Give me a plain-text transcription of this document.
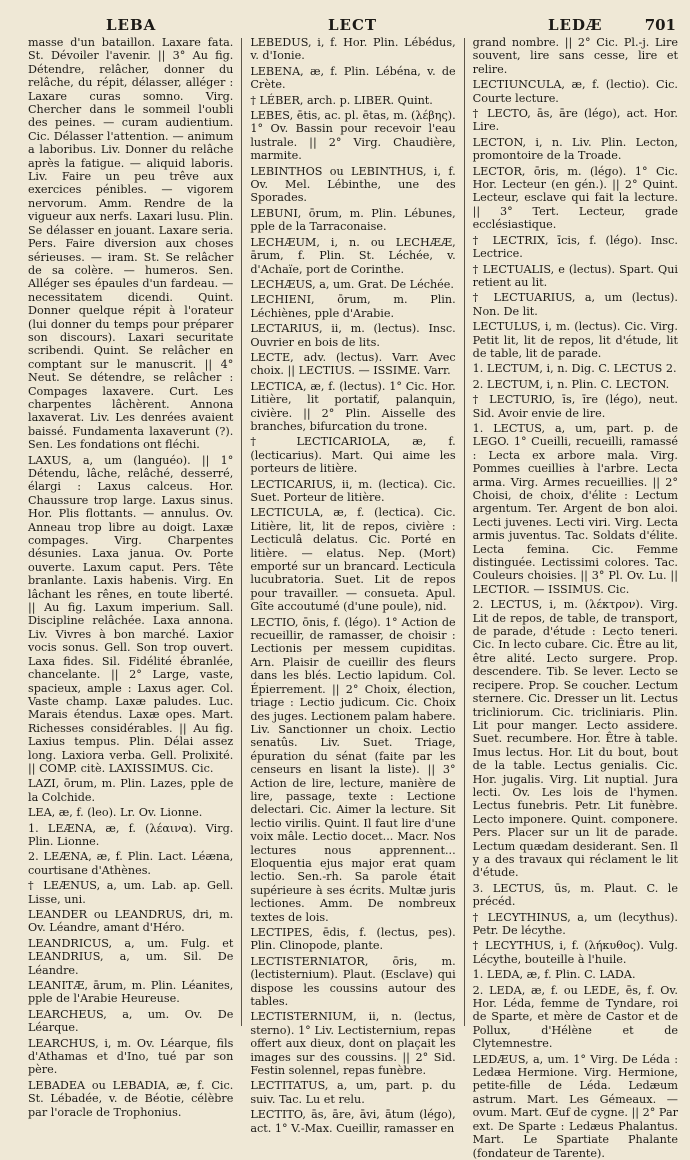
LEBA	LECT	LEDÆ	701

masse d'un bataillon. Laxare fata. St. Dévoiler l'avenir. || 3° Au fig. Détendre, relâcher, donner du relâche, du répit, délasser, alléger : Laxare curas somno. Virg. Chercher dans le sommeil l'oubli des peines. — curam audientium. Cic. Délasser l'attention. — animum a laboribus. Liv. Donner du relâche après la fatigue. — aliquid laboris. Liv. Faire un peu trêve aux exercices pénibles. — vigorem nervorum. Amm. Rendre de la vigueur aux nerfs. Laxari lusu. Plin. Se délasser en jouant. Laxare seria. Pers. Faire diversion aux choses sérieuses. — iram. St. Se relâcher de sa colère. — humeros. Sen. Alléger ses épaules d'un fardeau. — necessitatem dicendi. Quint. Donner quelque répit à l'orateur (lui donner du temps pour préparer son discours). Laxari securitate scribendi. Quint. Se relâcher en comptant sur le manuscrit. || 4° Neut. Se détendre, se relâcher : Compages laxavere. Curt. Les charpentes lâchèrent. Annona laxaverat. Liv. Les denrées avaient baissé. Fundamenta laxaverunt (?). Sen. Les fondations ont fléchi.

LAXUS, a, um (languéo). || 1° Détendu, lâche, relâché, desserré, élargi : Laxus calceus. Hor. Chaussure trop large. Laxus sinus. Hor. Plis flottants. — annulus. Ov. Anneau trop libre au doigt. Laxæ compages. Virg. Charpentes désunies. Laxa janua. Ov. Porte ouverte. Laxum caput. Pers. Tête branlante. Laxis habenis. Virg. En lâchant les rênes, en toute liberté. || Au fig. Laxum imperium. Sall. Discipline relâchée. Laxa annona. Liv. Vivres à bon marché. Laxior vocis sonus. Gell. Son trop ouvert. Laxa fides. Sil. Fidélité ébranlée, chancelante. || 2° Large, vaste, spacieux, ample : Laxus ager. Col. Vaste champ. Laxæ paludes. Luc. Marais étendus. Laxæ opes. Mart. Richesses considérables. || Au fig. Laxius tempus. Plin. Délai assez long. Laxiora verba. Gell. Prolixité. || COMP. citè. LAXISSIMUS. Cic.

LAZI, ōrum, m. Plin. Lazes, pple de la Colchide.

LEA, æ, f. (leo). Lr. Ov. Lionne.

1. LEÆNA, æ, f. (λέαινα). Virg. Plin. Lionne.

2. LEÆNA, æ, f. Plin. Lact. Léæna, courtisane d'Athènes.

† LEÆNUS, a, um. Lab. ap. Gell. Lisse, uni.

LEANDER ou LEANDRUS, dri, m. Ov. Léandre, amant d'Héro.

LEANDRICUS, a, um. Fulg. et LEANDRIUS, a, um. Sil. De Léandre.

LEANITÆ, ārum, m. Plin. Léanites, pple de l'Arabie Heureuse.

LEARCHEUS, a, um. Ov. De Léarque.

LEARCHUS, i, m. Ov. Léarque, fils d'Athamas et d'Ino, tué par son père.

LEBADEA ou LEBADIA, æ, f. Cic. St. Lébadée, v. de Béotie, célèbre par l'oracle de Trophonius.

LEBEDUS, i, f. Hor. Plin. Lébédus, v. d'Ionie.

LEBENA, æ, f. Plin. Lébéna, v. de Crète.

† LÉBER, arch. p. LIBER. Quint.

LEBES, ētis, ac. pl. ētas, m. (λέβης). 1° Ov. Bassin pour recevoir l'eau lustrale. || 2° Virg. Chaudière, marmite.

LEBINTHOS ou LEBINTHUS, i, f. Ov. Mel. Lébinthe, une des Sporades.

LEBUNI, ōrum, m. Plin. Lébunes, pple de la Tarraconaise.

LECHÆUM, i, n. ou LECHÆÆ, ārum, f. Plin. St. Léchée, v. d'Achaïe, port de Corinthe.

LECHÆUS, a, um. Grat. De Léchée.

LECHIENI, ōrum, m. Plin. Léchiènes, pple d'Arabie.

LECTARIUS, ii, m. (lectus). Insc. Ouvrier en bois de lits.

LECTE, adv. (lectus). Varr. Avec choix. || LECTIUS. — ISSIME. Varr.

LECTICA, æ, f. (lectus). 1° Cic. Hor. Litière, lit portatif, palanquin, civière. || 2° Plin. Aisselle des branches, bifurcation du trone.

† LECTICARIOLA, æ, f. (lecticarius). Mart. Qui aime les porteurs de litière.

LECTICARIUS, ii, m. (lectica). Cic. Suet. Porteur de litière.

LECTICULA, æ, f. (lectica). Cic. Litière, lit, lit de repos, civière : Lecticulâ delatus. Cic. Porté en litière. — elatus. Nep. (Mort) emporté sur un brancard. Lecticula lucubratoria. Suet. Lit de repos pour travailler. — consueta. Apul. Gîte accoutumé (d'une poule), nid.

LECTIO, ōnis, f. (légo). 1° Action de recueillir, de ramasser, de choisir : Lectionis per messem cupiditas. Arn. Plaisir de cueillir des fleurs dans les blés. Lectio lapidum. Col. Épierrement. || 2° Choix, élection, triage : Lectio judicum. Cic. Choix des juges. Lectionem palam habere. Liv. Sanctionner un choix. Lectio senatûs. Liv. Suet. Triage, épuration du sénat (faite par les censeurs en lisant la liste). || 3° Action de lire, lecture, manière de lire, passage, texte : Lectione delectari. Cic. Aimer la lecture. Sit lectio virilis. Quint. Il faut lire d'une voix mâle. Lectio docet... Macr. Nos lectures nous apprennent... Eloquentia ejus major erat quam lectio. Sen.-rh. Sa parole était supérieure à ses écrits. Multæ juris lectiones. Amm. De nombreux textes de lois.

LECTIPES, ēdis, f. (lectus, pes). Plin. Clinopode, plante.

LECTISTERNIATOR, ōris, m. (lectisternium). Plaut. (Esclave) qui dispose les coussins autour des tables.

LECTISTERNIUM, ii, n. (lectus, sterno). 1° Liv. Lectisternium, repas offert aux dieux, dont on plaçait les images sur des coussins. || 2° Sid. Festin solennel, repas funèbre.

LECTITATUS, a, um, part. p. du suiv. Tac. Lu et relu.

LECTITO, ās, āre, āvi, ātum (légo), act. 1° V.-Max. Cueillir, ramasser en

grand nombre. || 2° Cic. Pl.-j. Lire souvent, lire sans cesse, lire et relire.

LECTIUNCULA, æ, f. (lectio). Cic. Courte lecture.

† LECTO, ās, āre (légo), act. Hor. Lire.

LECTON, i, n. Liv. Plin. Lecton, promontoire de la Troade.

LECTOR, ōris, m. (légo). 1° Cic. Hor. Lecteur (en gén.). || 2° Quint. Lecteur, esclave qui fait la lecture. || 3° Tert. Lecteur, grade ecclésiastique.

† LECTRIX, īcis, f. (légo). Insc. Lectrice.

† LECTUALIS, e (lectus). Spart. Qui retient au lit.

† LECTUARIUS, a, um (lectus). Non. De lit.

LECTULUS, i, m. (lectus). Cic. Virg. Petit lit, lit de repos, lit d'étude, lit de table, lit de parade.

1. LECTUM, i, n. Dig. C. LECTUS 2.

2. LECTUM, i, n. Plin. C. LECTON.

† LECTURIO, īs, īre (légo), neut. Sid. Avoir envie de lire.

1. LECTUS, a, um, part. p. de LEGO. 1° Cueilli, recueilli, ramassé : Lecta ex arbore mala. Virg. Pommes cueillies à l'arbre. Lecta arma. Virg. Armes recueillies. || 2° Choisi, de choix, d'élite : Lectum argentum. Ter. Argent de bon aloi. Lecti juvenes. Lecti viri. Virg. Lecta armis juventus. Tac. Soldats d'élite. Lecta femina. Cic. Femme distinguée. Lectissimi colores. Tac. Couleurs choisies. || 3° Pl. Ov. Lu. || LECTIOR. — ISSIMUS. Cic.

2. LECTUS, i, m. (λέκτρον). Virg. Lit de repos, de table, de transport, de parade, d'étude : Lecto teneri. Cic. In lecto cubare. Cic. Être au lit, être alité. Lecto surgere. Prop. descendere. Tib. Se lever. Lecto se recipere. Prop. Se coucher. Lectum sternere. Cic. Dresser un lit. Lectus tricliniorum. Cic. tricliniaris. Plin. Lit pour manger. Lecto assidere. Suet. recumbere. Hor. Être à table. Imus lectus. Hor. Lit du bout, bout de la table. Lectus genialis. Cic. Hor. jugalis. Virg. Lit nuptial. Jura lecti. Ov. Les lois de l'hymen. Lectus funebris. Petr. Lit funèbre. Lecto imponere. Quint. componere. Pers. Placer sur un lit de parade. Lectum quædam desiderant. Sen. Il y a des travaux qui réclament le lit d'étude.

3. LECTUS, ūs, m. Plaut. C. le précéd.

† LECYTHINUS, a, um (lecythus). Petr. De lécythe.

† LECYTHUS, i, f. (λήκυθος). Vulg. Lécythe, bouteille à l'huile.

1. LEDA, æ, f. Plin. C. LADA.

2. LEDA, æ, f. ou LEDE, ēs, f. Ov. Hor. Léda, femme de Tyndare, roi de Sparte, et mère de Castor et de Pollux, d'Hélène et de Clytemnestre.

LEDÆUS, a, um. 1° Virg. De Léda : Ledæa Hermione. Virg. Hermione, petite-fille de Léda. Ledæum astrum. Mart. Les Gémeaux. — ovum. Mart. Œuf de cygne. || 2° Par ext. De Sparte : Ledæus Phalantus. Mart. Le Spartiate Phalante (fondateur de Tarente).
